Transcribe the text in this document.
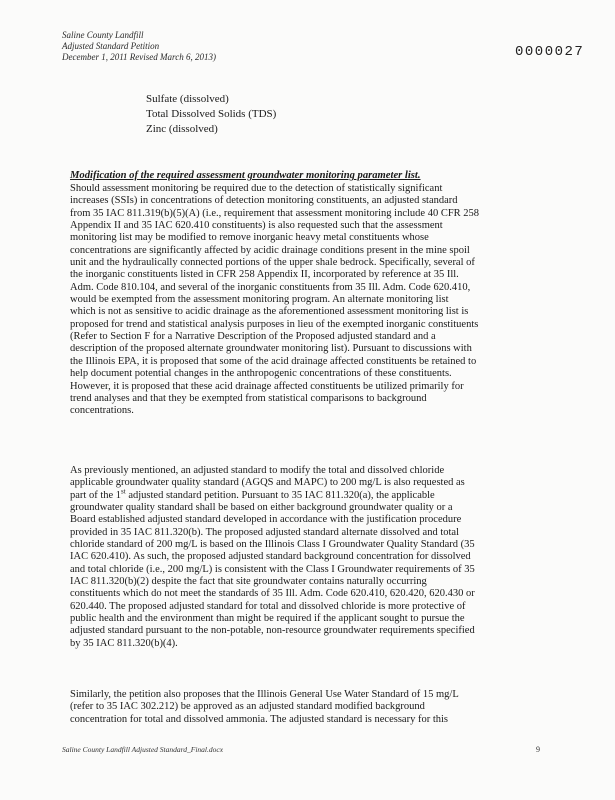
Saline County Landfill
Adjusted Standard Petition
December 1, 2011 Revised March 6, 2013)	0000027
Sulfate (dissolved)
Total Dissolved Solids (TDS)
Zinc (dissolved)
Modification of the required assessment groundwater monitoring parameter list.
Should assessment monitoring be required due to the detection of statistically significant
increases (SSIs) in concentrations of detection monitoring constituents, an adjusted standard
from 35 IAC 811.319(b)(5)(A) (i.e., requirement that assessment monitoring include 40 CFR 258
Appendix II and 35 IAC 620.410 constituents) is also requested such that the assessment
monitoring list may be modified to remove inorganic heavy metal constituents whose
concentrations are significantly affected by acidic drainage conditions present in the mine spoil
unit and the hydraulically connected portions of the upper shale bedrock. Specifically, several of
the inorganic constituents listed in CFR 258 Appendix II, incorporated by reference at 35 Ill.
Adm. Code 810.104, and several of the inorganic constituents from 35 Ill. Adm. Code 620.410,
would be exempted from the assessment monitoring program. An alternate monitoring list
which is not as sensitive to acidic drainage as the aforementioned assessment monitoring list is
proposed for trend and statistical analysis purposes in lieu of the exempted inorganic constituents
(Refer to Section F for a Narrative Description of the Proposed adjusted standard and a
description of the proposed alternate groundwater monitoring list). Pursuant to discussions with
the Illinois EPA, it is proposed that some of the acid drainage affected constituents be retained to
help document potential changes in the anthropogenic concentrations of these constituents.
However, it is proposed that these acid drainage affected constituents be utilized primarily for
trend analyses and that they be exempted from statistical comparisons to background
concentrations.
As previously mentioned, an adjusted standard to modify the total and dissolved chloride
applicable groundwater quality standard (AGQS and MAPC) to 200 mg/L is also requested as
part of the 1st adjusted standard petition. Pursuant to 35 IAC 811.320(a), the applicable
groundwater quality standard shall be based on either background groundwater quality or a
Board established adjusted standard developed in accordance with the justification procedure
provided in 35 IAC 811.320(b). The proposed adjusted standard alternate dissolved and total
chloride standard of 200 mg/L is based on the Illinois Class I Groundwater Quality Standard (35
IAC 620.410). As such, the proposed adjusted standard background concentration for dissolved
and total chloride (i.e., 200 mg/L) is consistent with the Class I Groundwater requirements of 35
IAC 811.320(b)(2) despite the fact that site groundwater contains naturally occurring
constituents which do not meet the standards of 35 Ill. Adm. Code 620.410, 620.420, 620.430 or
620.440. The proposed adjusted standard for total and dissolved chloride is more protective of
public health and the environment than might be required if the applicant sought to pursue the
adjusted standard pursuant to the non-potable, non-resource groundwater requirements specified
by 35 IAC 811.320(b)(4).
Similarly, the petition also proposes that the Illinois General Use Water Standard of 15 mg/L
(refer to 35 IAC 302.212) be approved as an adjusted standard modified background
concentration for total and dissolved ammonia. The adjusted standard is necessary for this
Saline County Landfill Adjusted Standard_Final.docx	9
